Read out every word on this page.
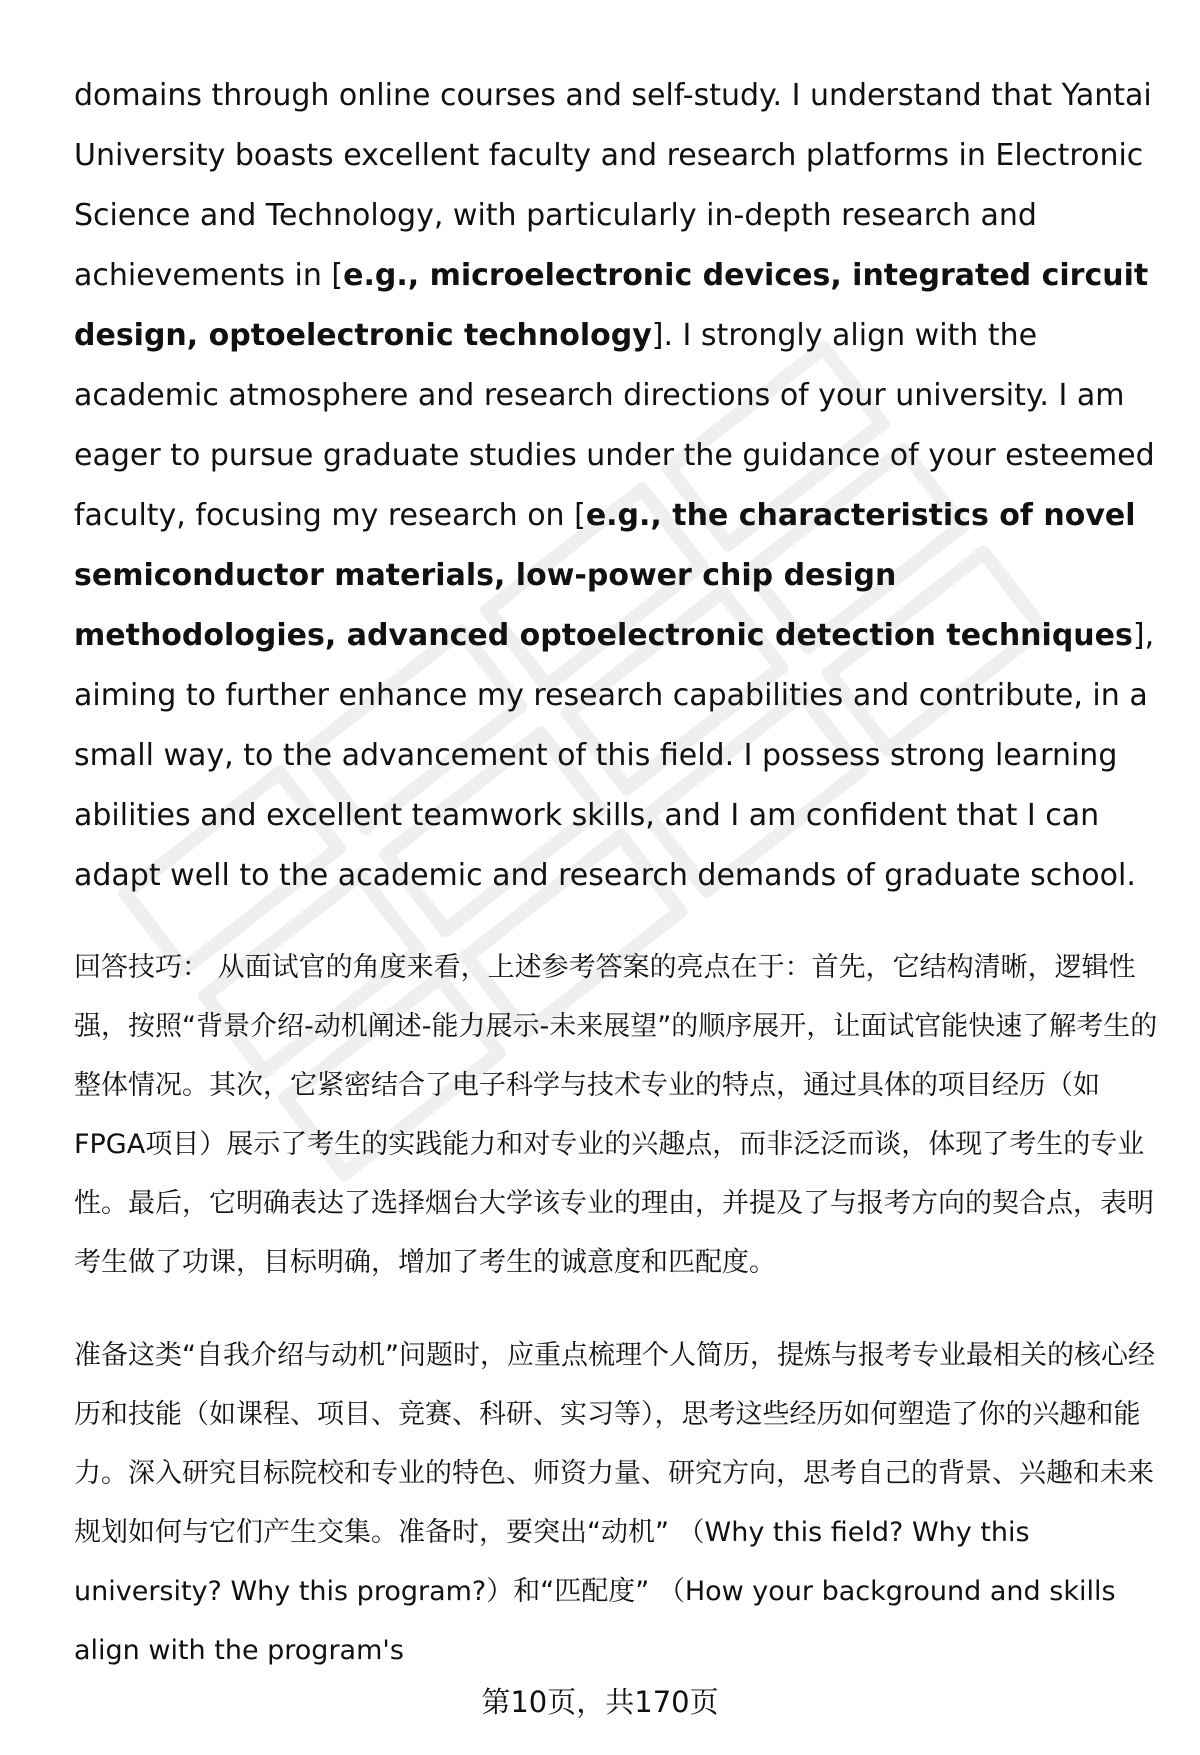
domains through online courses and self-study. I understand that Yantai University boasts excellent faculty and research platforms in Electronic Science and Technology, with particularly in-depth research and achievements in [e.g., microelectronic devices, integrated circuit design, optoelectronic technology]. I strongly align with the academic atmosphere and research directions of your university. I am eager to pursue graduate studies under the guidance of your esteemed faculty, focusing my research on [e.g., the characteristics of novel semiconductor materials, low-power chip design methodologies, advanced optoelectronic detection techniques], aiming to further enhance my research capabilities and contribute, in a small way, to the advancement of this field. I possess strong learning abilities and excellent teamwork skills, and I am confident that I can adapt well to the academic and research demands of graduate school.

回答技巧： 从面试官的角度来看，上述参考答案的亮点在于：首先，它结构清晰，逻辑性强，按照“背景介绍-动机阐述-能力展示-未来展望”的顺序展开，让面试官能快速了解考生的整体情况。其次，它紧密结合了电子科学与技术专业的特点，通过具体的项目经历（如FPGA项目）展示了考生的实践能力和对专业的兴趣点，而非泛泛而谈，体现了考生的专业性。最后，它明确表达了选择烟台大学该专业的理由，并提及了与报考方向的契合点，表明考生做了功课，目标明确，增加了考生的诚意度和匹配度。

准备这类“自我介绍与动机”问题时，应重点梳理个人简历，提炼与报考专业最相关的核心经历和技能（如课程、项目、竞赛、科研、实习等），思考这些经历如何塑造了你的兴趣和能力。深入研究目标院校和专业的特色、师资力量、研究方向，思考自己的背景、兴趣和未来规划如何与它们产生交集。准备时，要突出“动机” （Why this field? Why this university? Why this program?）和“匹配度” （How your background and skills align with the program's

第10页，共170页
